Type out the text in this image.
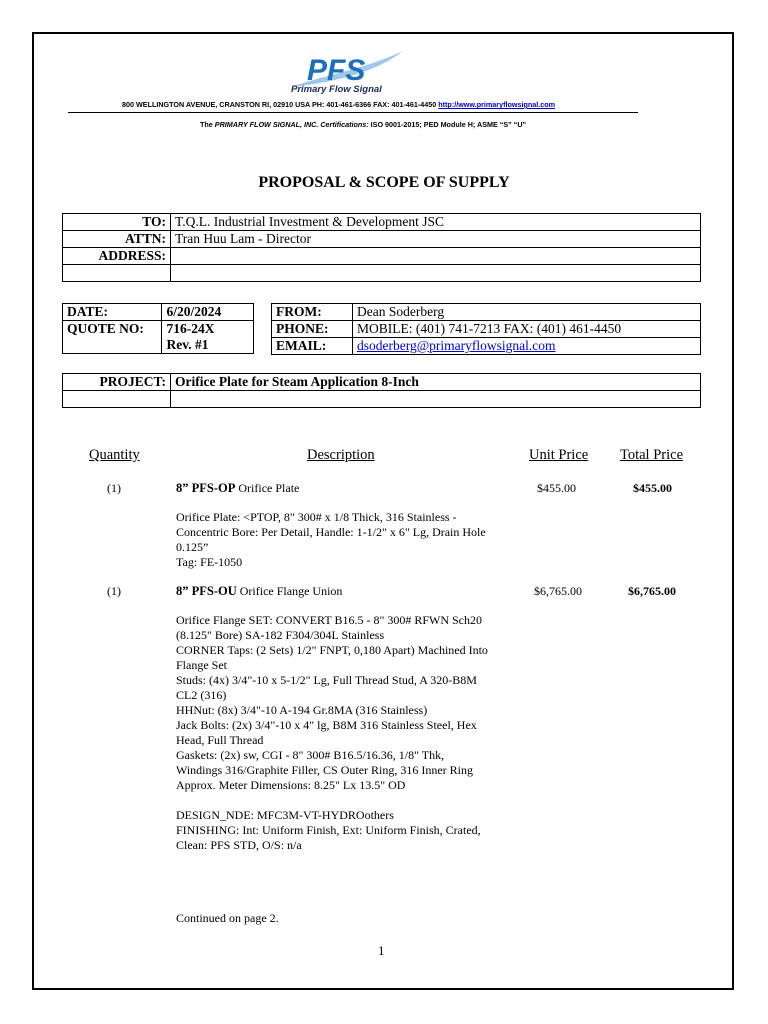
PFS
Primary Flow Signal
800 WELLINGTON AVENUE, CRANSTON RI, 02910 USA PH: 401-461-6366 FAX: 401-461-4450 http://www.primaryflowsignal.com
The PRIMARY FLOW SIGNAL, INC. Certifications: ISO 9001-2015; PED Module H; ASME “S” “U”
PROPOSAL & SCOPE OF SUPPLY
TO:	T.Q.L. Industrial Investment & Development JSC
ATTN:	Tran Huu Lam - Director
ADDRESS:	

DATE:	6/20/2024
QUOTE NO:	716-24X
	Rev. #1
FROM:	Dean Soderberg
PHONE:	MOBILE: (401) 741-7213 FAX: (401) 461-4450
EMAIL:	dsoderberg@primaryflowsignal.com
PROJECT:	Orifice Plate for Steam Application 8-Inch

Quantity	Description	Unit Price Total Price
(1)	8” PFS-OP Orifice Plate	$455.00	$455.00
Orifice Plate: <PTOP, 8" 300# x 1/8 Thick, 316 Stainless -
Concentric Bore: Per Detail, Handle: 1-1/2" x 6" Lg, Drain Hole
0.125”
Tag: FE-1050
(1)	8” PFS-OU Orifice Flange Union	$6,765.00	$6,765.00
Orifice Flange SET: CONVERT B16.5 - 8" 300# RFWN Sch20
(8.125" Bore) SA-182 F304/304L Stainless
CORNER Taps: (2 Sets) 1/2" FNPT, 0,180 Apart) Machined Into
Flange Set
Studs: (4x) 3/4"-10 x 5-1/2" Lg, Full Thread Stud, A 320-B8M
CL2 (316)
HHNut: (8x) 3/4"-10 A-194 Gr.8MA (316 Stainless)
Jack Bolts: (2x) 3/4"-10 x 4" lg, B8M 316 Stainless Steel, Hex
Head, Full Thread
Gaskets: (2x) sw, CGI - 8" 300# B16.5/16.36, 1/8" Thk,
Windings 316/Graphite Filler, CS Outer Ring, 316 Inner Ring
Approx. Meter Dimensions: 8.25" Lx 13.5" OD
DESIGN_NDE: MFC3M-VT-HYDROothers
FINISHING: Int: Uniform Finish, Ext: Uniform Finish, Crated,
Clean: PFS STD, O/S: n/a
Continued on page 2.
1
